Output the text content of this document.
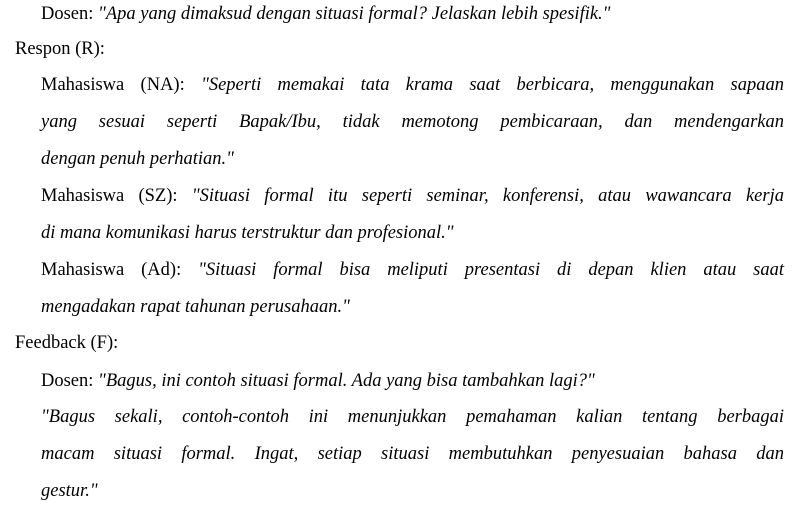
Dosen: "Apa yang dimaksud dengan situasi formal? Jelaskan lebih spesifik."
Respon (R):
Mahasiswa (NA): "Seperti memakai tata krama saat berbicara, menggunakan sapaan
yang sesuai seperti Bapak/Ibu, tidak memotong pembicaraan, dan mendengarkan
dengan penuh perhatian."
Mahasiswa (SZ): "Situasi formal itu seperti seminar, konferensi, atau wawancara kerja
di mana komunikasi harus terstruktur dan profesional."
Mahasiswa (Ad): "Situasi formal bisa meliputi presentasi di depan klien atau saat
mengadakan rapat tahunan perusahaan."
Feedback (F):
Dosen: "Bagus, ini contoh situasi formal. Ada yang bisa tambahkan lagi?"
"Bagus sekali, contoh-contoh ini menunjukkan pemahaman kalian tentang berbagai
macam situasi formal. Ingat, setiap situasi membutuhkan penyesuaian bahasa dan
gestur."
